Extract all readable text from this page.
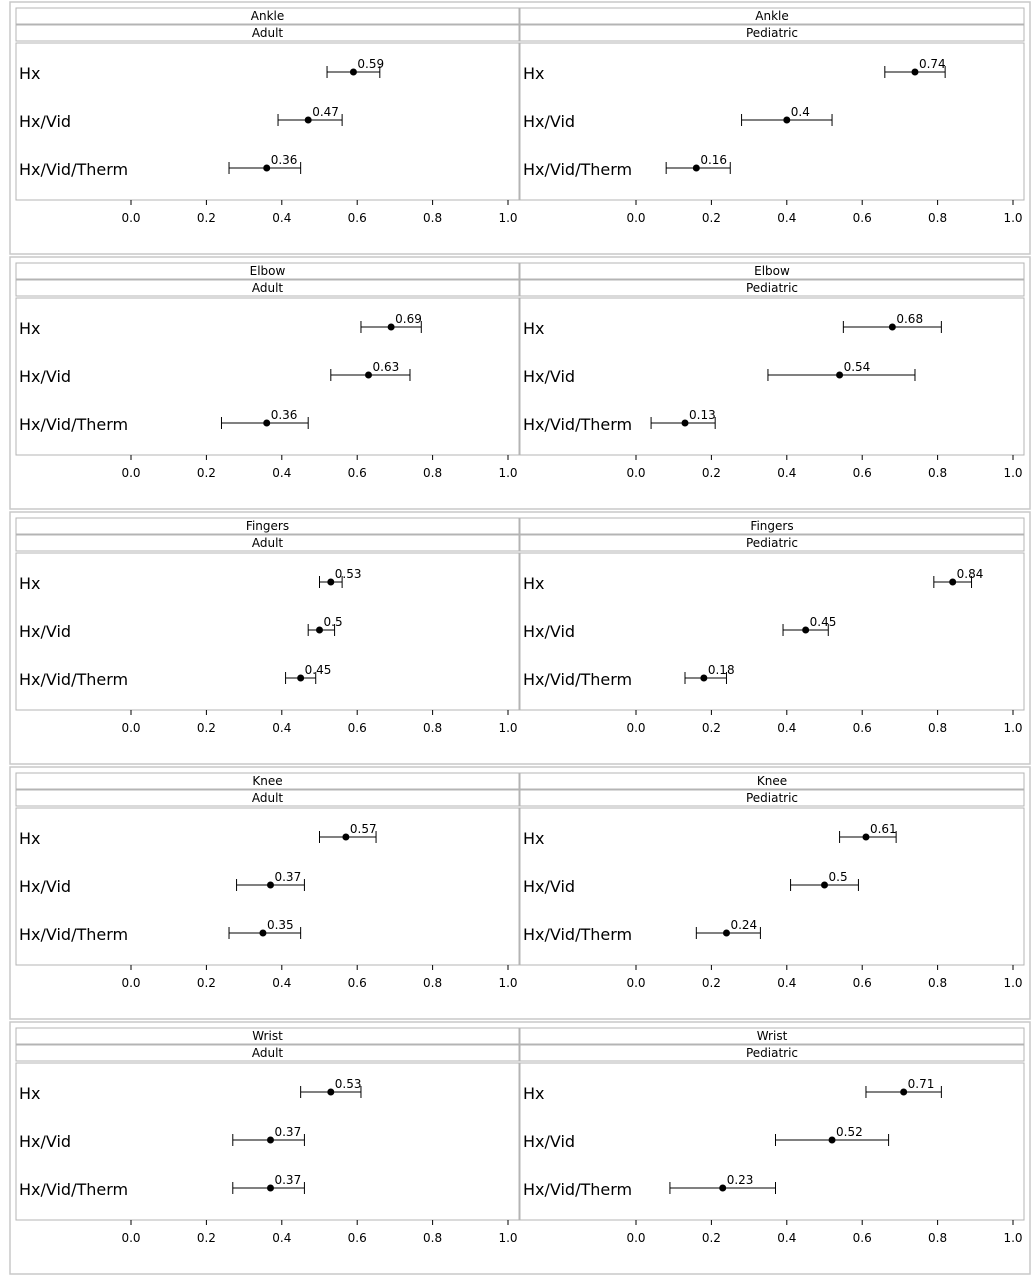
Ankle
Adult
0.0	0.2	0.4	0.6	0.8	1.0
Hx	0.59
Hx/Vid	0.47
Hx/Vid/Therm	0.36
Ankle
Pediatric
0.0	0.2	0.4	0.6	0.8	1.0
Hx	0.74
Hx/Vid	0.4
Hx/Vid/Therm	0.16
Elbow
Adult
0.0	0.2	0.4	0.6	0.8	1.0
Hx	0.69
Hx/Vid	0.63
Hx/Vid/Therm	0.36
Elbow
Pediatric
0.0	0.2	0.4	0.6	0.8	1.0
Hx	0.68
Hx/Vid	0.54
Hx/Vid/Therm	0.13
Fingers
Adult
0.0	0.2	0.4	0.6	0.8	1.0
Hx	0.53
Hx/Vid	0.5
Hx/Vid/Therm	0.45
Fingers
Pediatric
0.0	0.2	0.4	0.6	0.8	1.0
Hx	0.84
Hx/Vid	0.45
Hx/Vid/Therm	0.18
Knee
Adult
0.0	0.2	0.4	0.6	0.8	1.0
Hx	0.57
Hx/Vid	0.37
Hx/Vid/Therm	0.35
Knee
Pediatric
0.0	0.2	0.4	0.6	0.8	1.0
Hx	0.61
Hx/Vid	0.5
Hx/Vid/Therm	0.24
Wrist
Adult
0.0	0.2	0.4	0.6	0.8	1.0
Hx	0.53
Hx/Vid	0.37
Hx/Vid/Therm	0.37
Wrist
Pediatric
0.0	0.2	0.4	0.6	0.8	1.0
Hx	0.71
Hx/Vid	0.52
Hx/Vid/Therm	0.23
